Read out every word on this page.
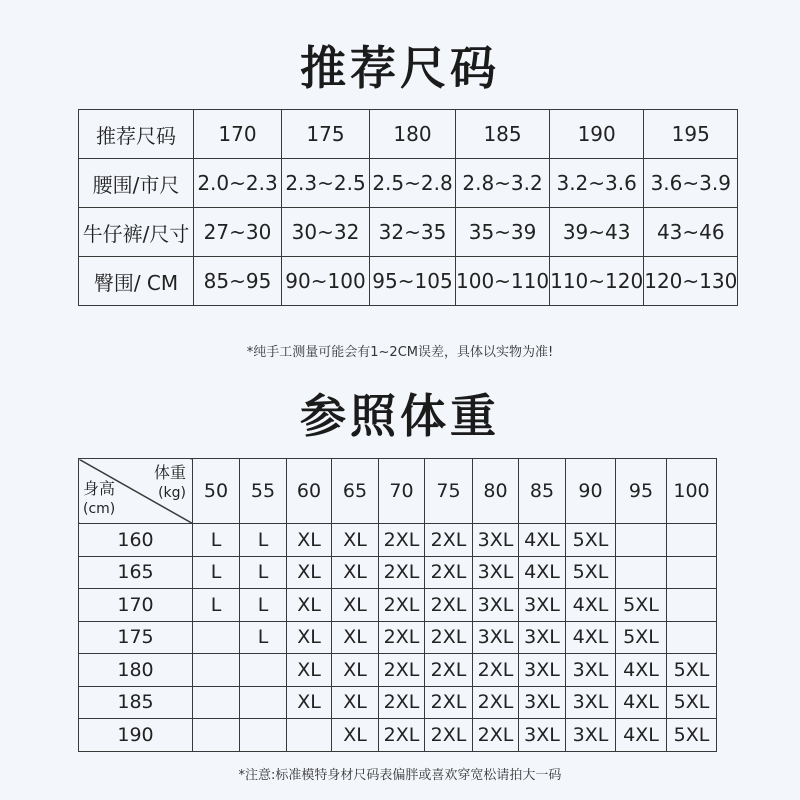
推荐尺码
推荐尺码	170	175	180	185	190	195
腰围/市尺	2.0~2.3	2.3~2.5	2.5~2.8	2.8~3.2	3.2~3.6	3.6~3.9
牛仔裤/尺寸	27~30	30~32	32~35	35~39	39~43	43~46
臀围/ CM	85~95	90~100	95~105	100~110	110~120	120~130
*纯手工测量可能会有1~2CM误差，具体以实物为准!
参照体重
体重
(kg)
身高
(cm)	50	55	60	65	70	75	80	85	90	95	100
160	L	L	XL	XL	2XL	2XL	3XL	4XL	5XL		
165	L	L	XL	XL	2XL	2XL	3XL	4XL	5XL		
170	L	L	XL	XL	2XL	2XL	3XL	3XL	4XL	5XL	
175		L	XL	XL	2XL	2XL	3XL	3XL	4XL	5XL	
180			XL	XL	2XL	2XL	2XL	3XL	3XL	4XL	5XL
185			XL	XL	2XL	2XL	2XL	3XL	3XL	4XL	5XL
190				XL	2XL	2XL	2XL	3XL	3XL	4XL	5XL
*注意:标准模特身材尺码表偏胖或喜欢穿宽松请拍大一码
